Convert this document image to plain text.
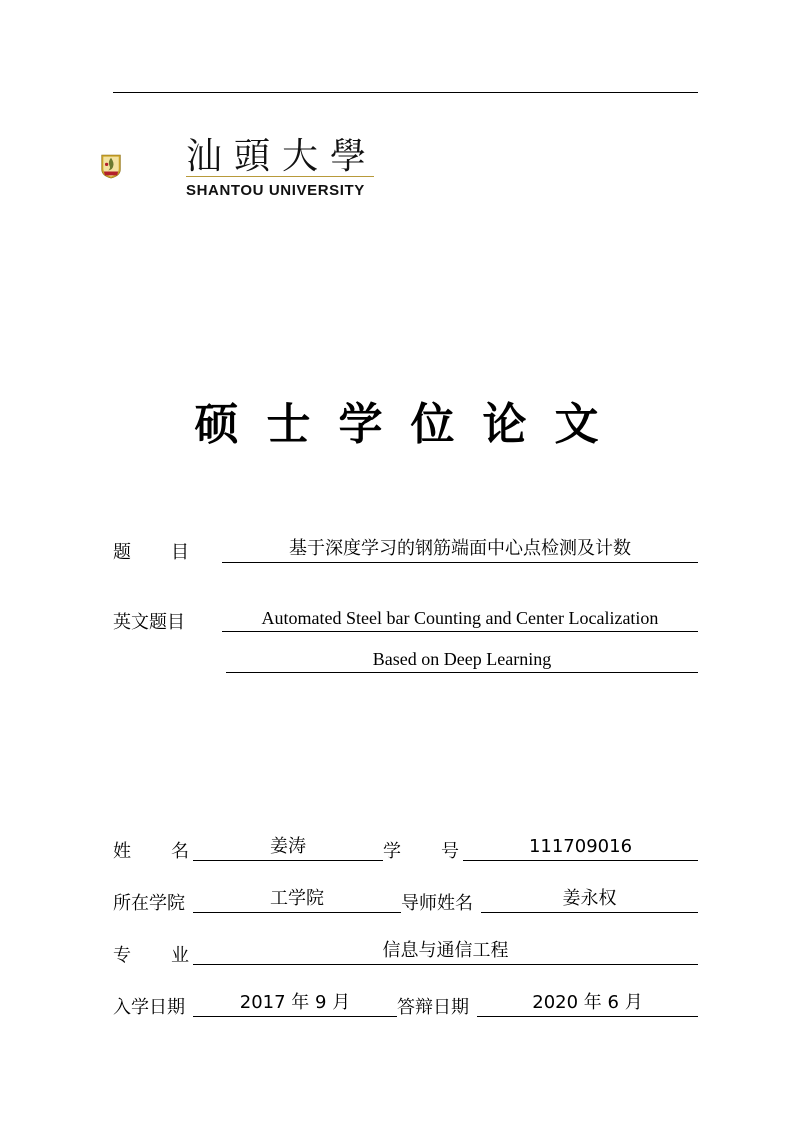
汕頭大學
SHANTOU UNIVERSITY
硕士学位论文
题目	基于深度学习的钢筋端面中心点检测及计数
英文题目	Automated Steel bar Counting and Center Localization
Based on Deep Learning
姓名	姜涛	学号	111709016
所在学院	工学院	导师姓名	姜永权
专业	信息与通信工程
入学日期	2017 年 9 月	答辩日期	2020 年 6 月
